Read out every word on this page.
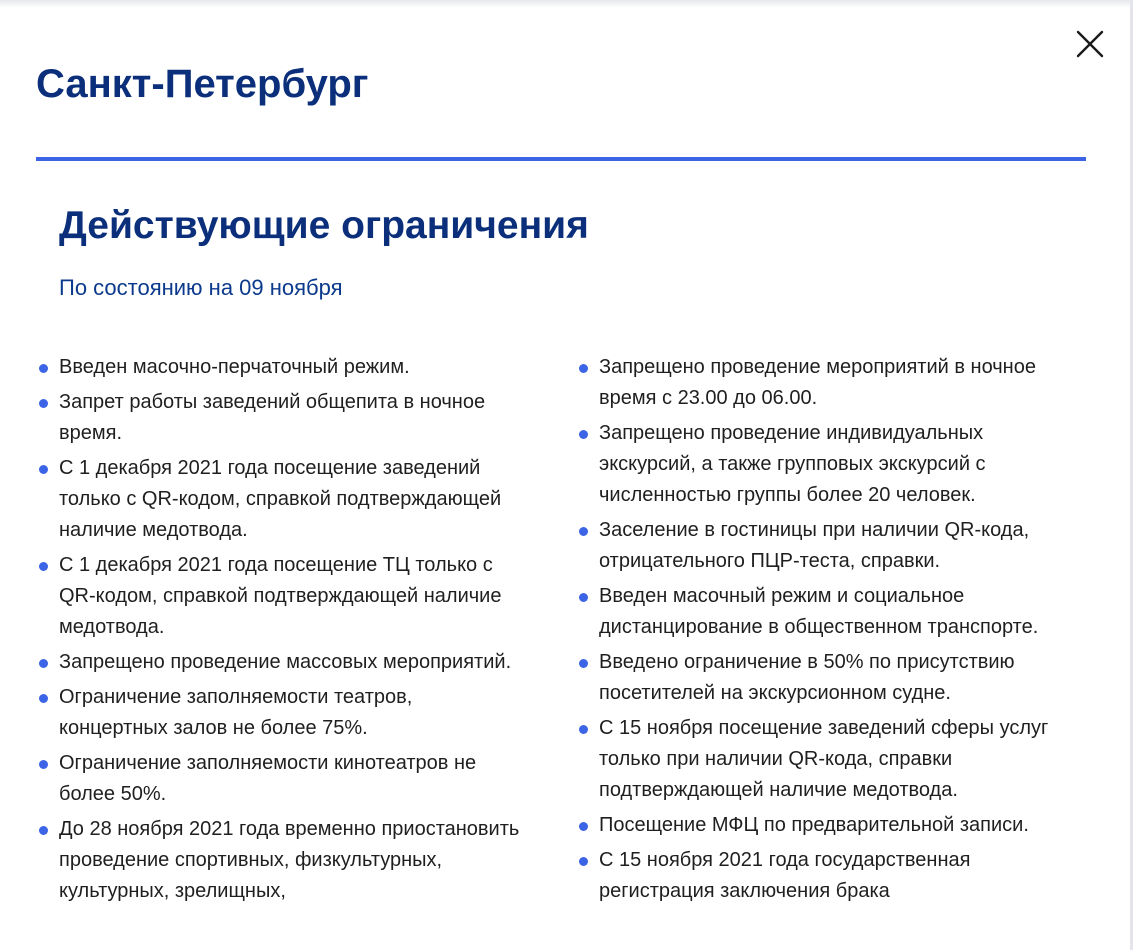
Санкт-Петербург
Действующие ограничения

По состоянию на 09 ноября

Введен масочно-перчаточный режим.
Запрет работы заведений общепита в ночное время.
С 1 декабря 2021 года посещение заведений только с QR-кодом, справкой подтверждающей наличие медотвода.
С 1 декабря 2021 года посещение ТЦ только с QR-кодом, справкой подтверждающей наличие медотвода.
Запрещено проведение массовых мероприятий.
Ограничение заполняемости театров, концертных залов не более 75%.
Ограничение заполняемости кинотеатров не более 50%.
До 28 ноября 2021 года временно приостановить проведение спортивных, физкультурных, культурных, зрелищных,
Запрещено проведение мероприятий в ночное время с 23.00 до 06.00.
Запрещено проведение индивидуальных экскурсий, а также групповых экскурсий с численностью группы более 20 человек.
Заселение в гостиницы при наличии QR-кода, отрицательного ПЦР-теста, справки.
Введен масочный режим и социальное дистанцирование в общественном транспорте.
Введено ограничение в 50% по присутствию посетителей на экскурсионном судне.
С 15 ноября посещение заведений сферы услуг только при наличии QR-кода, справки подтверждающей наличие медотвода.
Посещение МФЦ по предварительной записи.
С 15 ноября 2021 года государственная регистрация заключения брака
